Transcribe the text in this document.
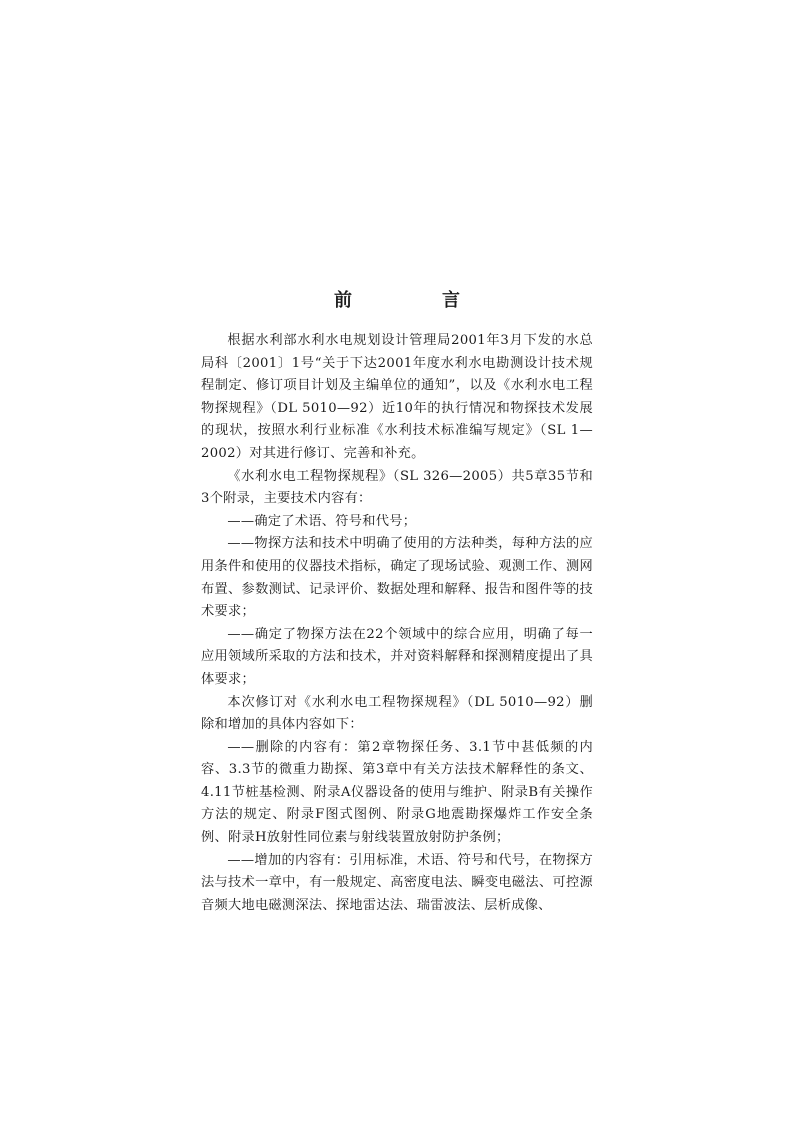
前　言

根据水利部水利水电规划设计管理局2001年3月下发的水总局科〔2001〕1号“关于下达2001年度水利水电勘测设计技术规程制定、修订项目计划及主编单位的通知”，以及《水利水电工程物探规程》（DL 5010—92）近10年的执行情况和物探技术发展的现状，按照水利行业标准《水利技术标准编写规定》（SL 1—2002）对其进行修订、完善和补充。

《水利水电工程物探规程》（SL 326—2005）共5章35节和3个附录，主要技术内容有：

——确定了术语、符号和代号；

——物探方法和技术中明确了使用的方法种类，每种方法的应用条件和使用的仪器技术指标，确定了现场试验、观测工作、测网布置、参数测试、记录评价、数据处理和解释、报告和图件等的技术要求；

——确定了物探方法在22个领域中的综合应用，明确了每一应用领域所采取的方法和技术，并对资料解释和探测精度提出了具体要求；

本次修订对《水利水电工程物探规程》（DL 5010—92）删除和增加的具体内容如下：

——删除的内容有：第2章物探任务、3.1节中甚低频的内容、3.3节的微重力勘探、第3章中有关方法技术解释性的条文、4.11节桩基检测、附录A仪器设备的使用与维护、附录B有关操作方法的规定、附录F图式图例、附录G地震勘探爆炸工作安全条例、附录H放射性同位素与射线装置放射防护条例；

——增加的内容有：引用标准，术语、符号和代号，在物探方法与技术一章中，有一般规定、高密度电法、瞬变电磁法、可控源音频大地电磁测深法、探地雷达法、瑞雷波法、层析成像、
